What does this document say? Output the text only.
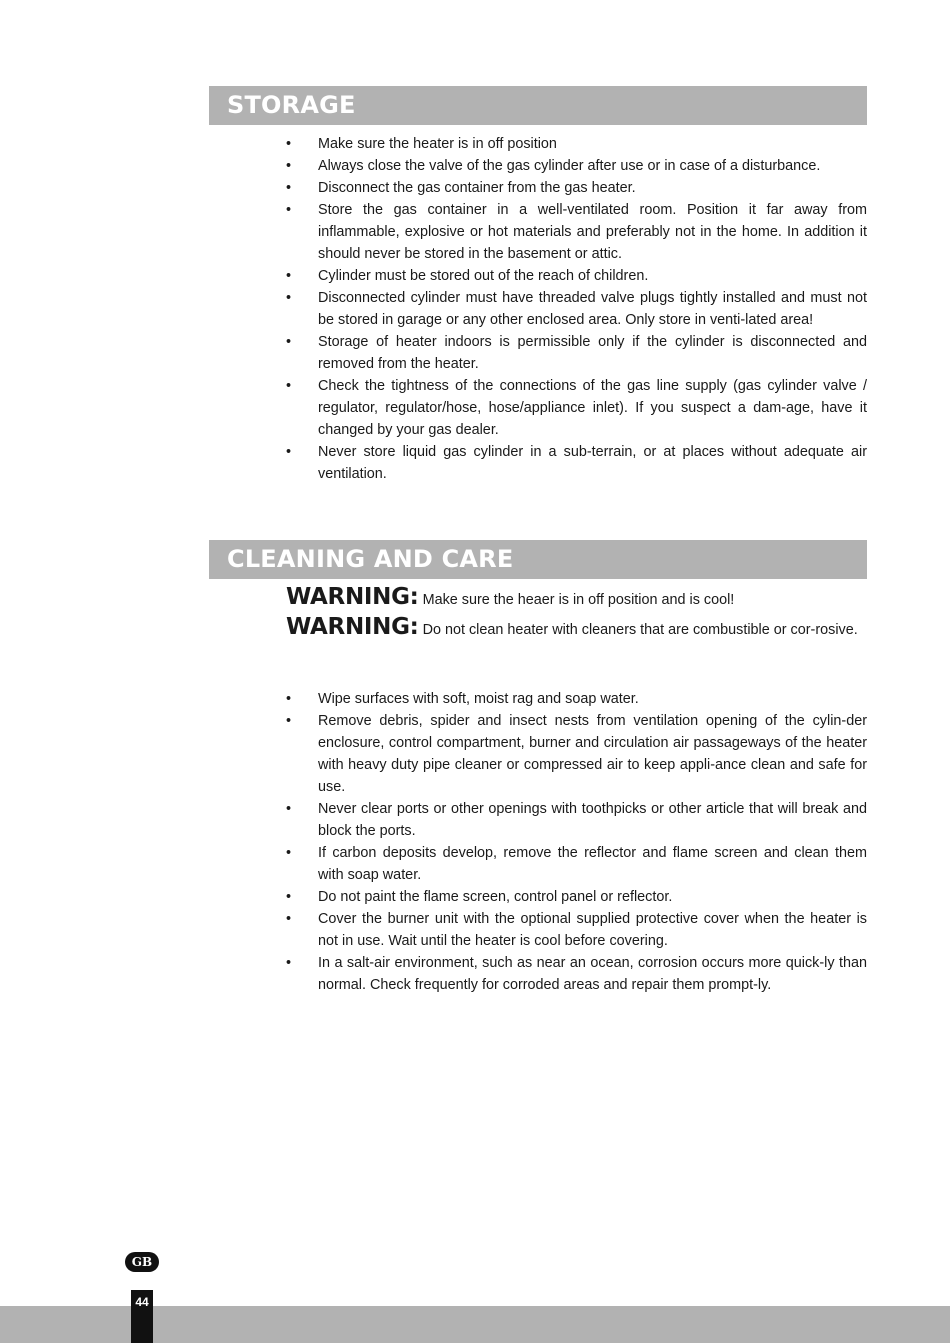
STORAGE
•	Make sure the heater is in off position
•	Always close the valve of the gas cylinder after use or in case of a disturbance.
•	Disconnect the gas container from the gas heater.
•	Store the gas container in a well-ventilated room. Position it far away from inflammable, explosive or hot materials and preferably not in the home. In addition it should never be stored in the basement or attic.
•	Cylinder must be stored out of the reach of children.
•	Disconnected cylinder must have threaded valve plugs tightly installed and must not be stored in garage or any other enclosed area. Only store in venti-lated area!
•	Storage of heater indoors is permissible only if the cylinder is disconnected and removed from the heater.
•	Check the tightness of the connections of the gas line supply (gas cylinder valve / regulator, regulator/hose, hose/appliance inlet). If you suspect a dam-age, have it changed by your gas dealer.
•	Never store liquid gas cylinder in a sub-terrain, or at places without adequate air ventilation.
CLEANING AND CARE
WARNING: Make sure the heaer is in off position and is cool!
WARNING: Do not clean heater with cleaners that are combustible or cor-rosive.
•	Wipe surfaces with soft, moist rag and soap water.
•	Remove debris, spider and insect nests from ventilation opening of the cylin-der enclosure, control compartment, burner and circulation air passageways of the heater with heavy duty pipe cleaner or compressed air to keep appli-ance clean and safe for use.
•	Never clear ports or other openings with toothpicks or other article that will break and block the ports.
•	If carbon deposits develop, remove the reflector and flame screen and clean them with soap water.
•	Do not paint the flame screen, control panel or reflector.
•	Cover the burner unit with the optional supplied protective cover when the heater is not in use. Wait until the heater is cool before covering.
•	In a salt-air environment, such as near an ocean, corrosion occurs more quick-ly than normal. Check frequently for corroded areas and repair them prompt-ly.
GB
44
